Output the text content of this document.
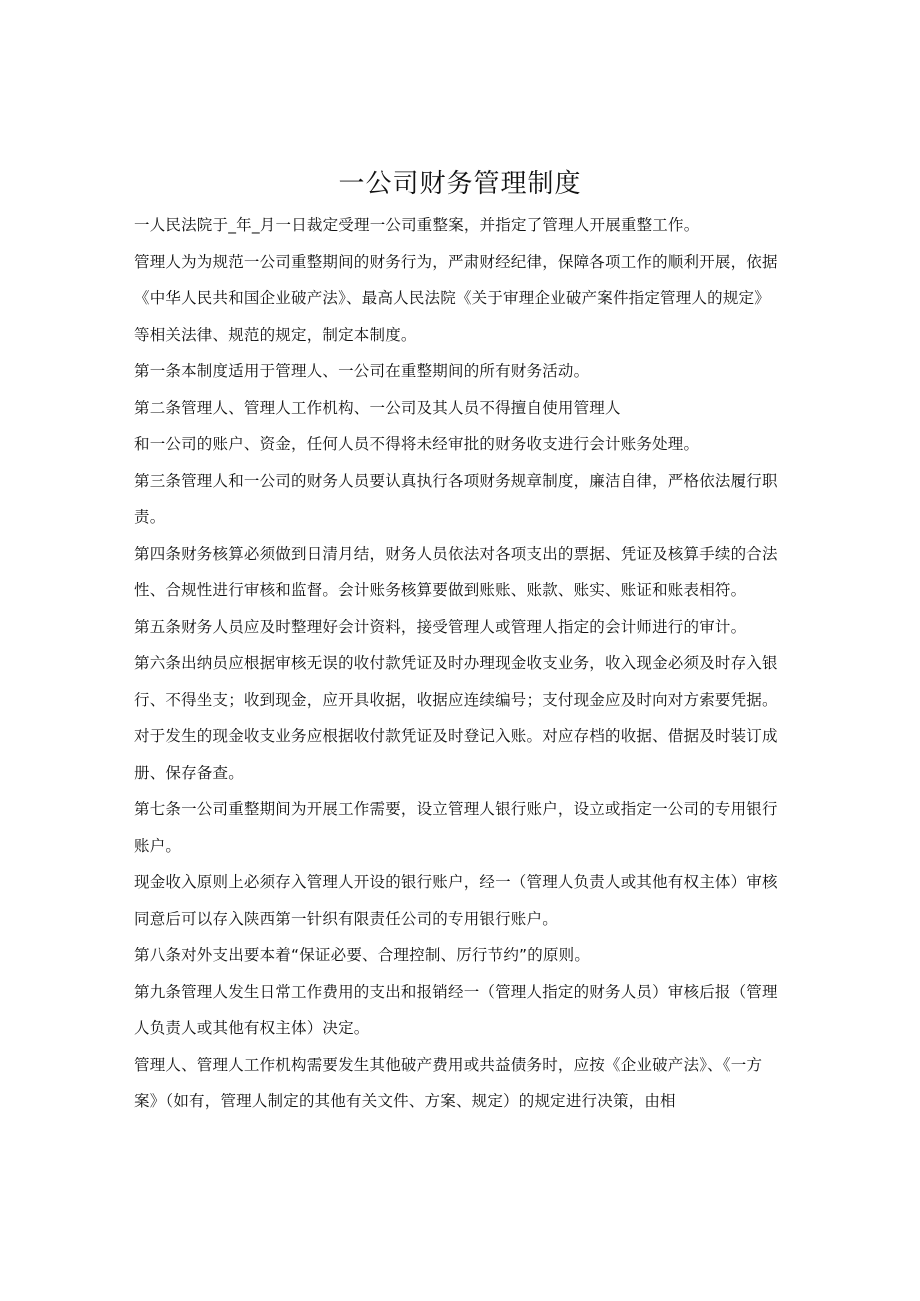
一公司财务管理制度

一人民法院于_年_月一日裁定受理一公司重整案，并指定了管理人开展重整工作。

管理人为为规范一公司重整期间的财务行为，严肃财经纪律，保障各项工作的顺利开展，依据《中华人民共和国企业破产法》、最高人民法院《关于审理企业破产案件指定管理人的规定》等相关法律、规范的规定，制定本制度。

第一条本制度适用于管理人、一公司在重整期间的所有财务活动。

第二条管理人、管理人工作机构、一公司及其人员不得擅自使用管理人

和一公司的账户、资金，任何人员不得将未经审批的财务收支进行会计账务处理。

第三条管理人和一公司的财务人员要认真执行各项财务规章制度，廉洁自律，严格依法履行职责。

第四条财务核算必须做到日清月结，财务人员依法对各项支出的票据、凭证及核算手续的合法性、合规性进行审核和监督。会计账务核算要做到账账、账款、账实、账证和账表相符。

第五条财务人员应及时整理好会计资料，接受管理人或管理人指定的会计师进行的审计。

第六条出纳员应根据审核无误的收付款凭证及时办理现金收支业务，收入现金必须及时存入银行、不得坐支；收到现金，应开具收据，收据应连续编号；支付现金应及时向对方索要凭据。对于发生的现金收支业务应根据收付款凭证及时登记入账。对应存档的收据、借据及时装订成册、保存备查。

第七条一公司重整期间为开展工作需要，设立管理人银行账户，设立或指定一公司的专用银行账户。

现金收入原则上必须存入管理人开设的银行账户，经一（管理人负责人或其他有权主体）审核同意后可以存入陕西第一针织有限责任公司的专用银行账户。

第八条对外支出要本着“保证必要、合理控制、厉行节约”的原则。

第九条管理人发生日常工作费用的支出和报销经一（管理人指定的财务人员）审核后报（管理人负责人或其他有权主体）决定。

管理人、管理人工作机构需要发生其他破产费用或共益债务时，应按《企业破产法》、《一方案》（如有，管理人制定的其他有关文件、方案、规定）的规定进行决策，由相
